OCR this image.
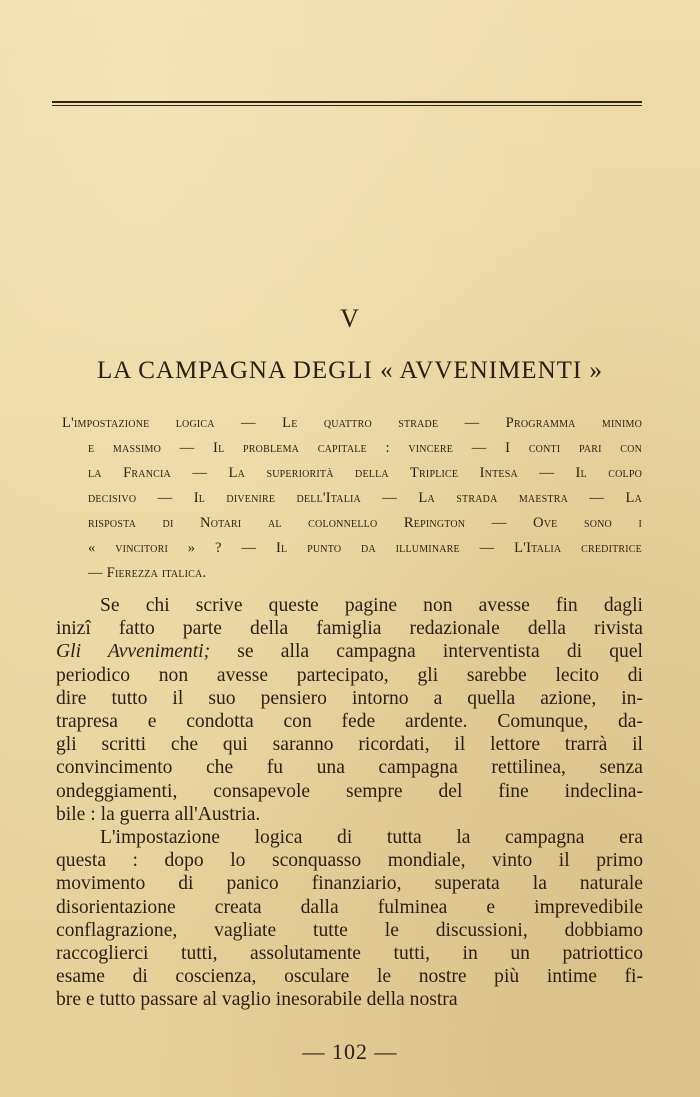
V
LA CAMPAGNA DEGLI « AVVENIMENTI »
L'impostazione logica — Le quattro strade — Programma minimo
e massimo — Il problema capitale : vincere — I conti pari con
la Francia — La superiorità della Triplice Intesa — Il colpo
decisivo — Il divenire dell'Italia — La strada maestra — La
risposta di Notari al colonnello Repington — Ove sono i
« vincitori » ? — Il punto da illuminare — L'Italia creditrice
— Fierezza italica.
Se chi scrive queste pagine non avesse fin dagli
inizî fatto parte della famiglia redazionale della rivista
Gli Avvenimenti; se alla campagna interventista di quel
periodico non avesse partecipato, gli sarebbe lecito di
dire tutto il suo pensiero intorno a quella azione, in-
trapresa e condotta con fede ardente. Comunque, da-
gli scritti che qui saranno ricordati, il lettore trarrà il
convincimento che fu una campagna rettilinea, senza
ondeggiamenti, consapevole sempre del fine indeclina-
bile : la guerra all'Austria.
L'impostazione logica di tutta la campagna era
questa : dopo lo sconquasso mondiale, vinto il primo
movimento di panico finanziario, superata la naturale
disorientazione creata dalla fulminea e imprevedibile
conflagrazione, vagliate tutte le discussioni, dobbiamo
raccoglierci tutti, assolutamente tutti, in un patriottico
esame di coscienza, osculare le nostre più intime fi-
bre e tutto passare al vaglio inesorabile della nostra
— 102 —
